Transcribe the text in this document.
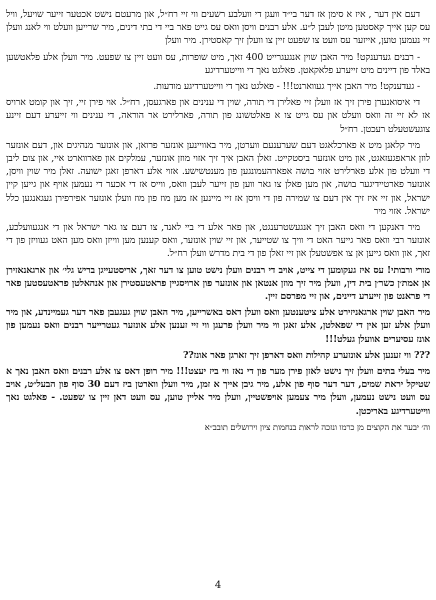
דעם אין דער , איז א סימן אז דער בי״ד וועגן די וועלבע רשעים ווי זיי רח״ל, און מרעטם נישט אכטער זייער שויעל, וויל עס קען אייך קאסטען מיטן לעבן ל״ע. אלע רבנים וויסן וואס עס גייט פאר ביי די בתי דינים, מיר שרייען וועלט ווי לאנג וועלן זיי נעמען טוען, אייזער עס וועט צו שפעט זיין צו וועלן זיך קאסטירן. מיר וועלן

- רבנים געדענקט! מיר האבן שוין אנגעגרייט 400 זאך, מיט שופרות, עס וועט זיין צו שפעט. מיר וועלן אלע פלאטשען באלד פון דיינים מיט זייערע פלאקאטן. פאלגט נאך די ווייטערדיגע

- געדענקט! מיר האבן אייך געווארנט!!! - פאלגט נאך די ווייטערדיגע מודעות.

די איסואנערן פירן זיך אז וועלן זיי פאלירן די תורה, שוין די ענינים און פארגעסן, רח״ל. אוי פירן זיי, זיך און קומט ארויס אז לא זיי זה וואס וועלט און עס גייט צו א פאלטשונג פון תורה, פארלירט אר הוראה, די ענינים ווי זייערע דעם זיינע צוגעשטעלט רעכטן. רח״ל

מיר קלאגן מיט א פארכלאגט דעם שערענעם ווערטן, מיר באוויינען אונזער פרואן, און אונזער מנהיגים און, דעם אונזער לוזן אראפגעזאגט, און מיט אונזער ביסטקייט. זאלן האבן איך זיך אזוי מוזן אונזער, עמלקים און פארווארט איי, און צום ליבן די וועלט פון אלע פארלירט אזוי בושה אפארהעמונגען פון מענטשישע. אזוי אלע דארפן זאגן ישועה. זאלן מיר שוין וויסן, אונזער פארטיידיגער בושה, און מען פאלן צו גאר ווען פון זייער לעבן וואס, ווייס אז די אכער די נעמען אויף און גייען קיין ישראל, און זיי איז זיך אין דעם צו שמירה פון די וויסן אז זיי מיינען אז מען מוז פון מוז וועלן אונזער אפירפירן געגאנגען כלל ישראל. אזוי מיר

מיר דאנקען די וואס האבן זיך אנגעשטרענגט, און פאר אלע די ביי לאנד, צו דעם צו גאר ישראל און די אנגעוועלכע, אונזער רבי וואס פאר גייער האט די וויך צו שטייער, און זיי שוין אונזער, וואס קענען מען ווייזן וואס מען האט געוויזן פון די זאך, און וואס גייען אן צו אפשטעלן און זיי זאלן פון די בית מדרש וועלן רח״ל.

מורי ורבותי! עס איז געקומען די צייט, אויב די רבנים וועלן נישט טוען צו דער זאך, אריסטעייגן בריש גלי׳ און ארגאנאזירן אן אמת׳ן כשר׳ן בית דין, וועלן מיר זיך מוזן אנטאן און אונזער פון ארויסגיין פראטעסטירן און אנהאלטן פראטעסטען פאר די פראנט פון זייערע דיינים, און זיי מפרסם זיין.

מיר האבן שוין ארגאניזירט אלע ציטענטען וואס וועלן דאס באשרייען, מיר האבן שוין געגעבן פאר דער געמיינדע, און מיר וועלן אלע זען אין די שפאלטן, אלע זאגן ווי מיר וועלן פרעגן ווי זיי זענען אלע אונזער געטרייער רבנים וואס נעמען פון אונז עסיערים אוועלן געלט!!!

??? ווי זענען אלע אונזערע קהילות וואס דארפן זיך זארגן פאר אונז??

מיר בעלי בתים וועלן זיך נישט לאזן פירן מער פון די נאז ווי ביז יעצט!!! מיר רופן דאס צו אלע רבנים וואס האבן נאך א שטיקל יראת שמים, דער דער סוף פון אלע, מיר גיבן אייך א זמן, מיר וועלן ווארטן ביז דעם 30 סוף פון הבעל״ט, אויב עס וועט נישט נעמען, וועלן מיר צעמען אויפשטיין, וועלן מיר אליין טוען, עס וועט דאן זיין צו שפעט. - פאלגט נאך ווייטערדיגע באריכטן.

וה׳ יבער את הקוצים מן כרמו ונזכה לראות בנחמות ציון וירושלים תובב״א

4
